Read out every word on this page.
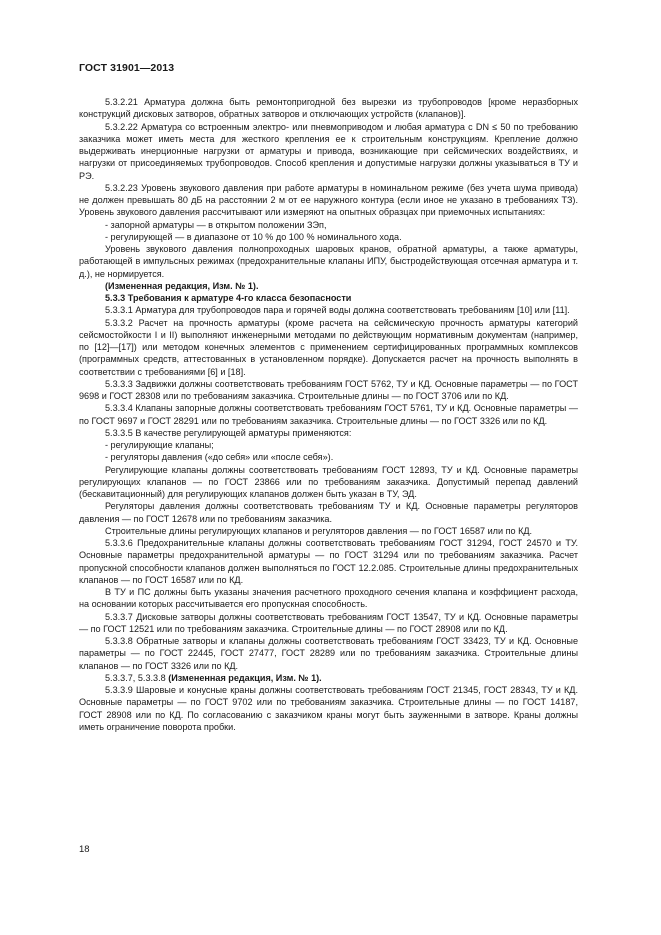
ГОСТ 31901—2013

5.3.2.21 Арматура должна быть ремонтопригодной без вырезки из трубопроводов [кроме неразборных конструкций дисковых затворов, обратных затворов и отключающих устройств (клапанов)].

5.3.2.22 Арматура со встроенным электро- или пневмоприводом и любая арматура с DN ≤ 50 по требованию заказчика может иметь места для жесткого крепления ее к строительным конструкциям. Крепление должно выдерживать инерционные нагрузки от арматуры и привода, возникающие при сейсмических воздействиях, и нагрузки от присоединяемых трубопроводов. Способ крепления и допустимые нагрузки должны указываться в ТУ и РЭ.

5.3.2.23 Уровень звукового давления при работе арматуры в номинальном режиме (без учета шума привода) не должен превышать 80 дБ на расстоянии 2 м от ее наружного контура (если иное не указано в требованиях ТЗ). Уровень звукового давления рассчитывают или измеряют на опытных образцах при приемочных испытаниях:

- запорной арматуры — в открытом положении ЗЭп,

- регулирующей — в диапазоне от 10 % до 100 % номинального хода.

Уровень звукового давления полнопроходных шаровых кранов, обратной арматуры, а также арматуры, работающей в импульсных режимах (предохранительные клапаны ИПУ, быстродействующая отсечная арматура и т. д.), не нормируется.

(Измененная редакция, Изм. № 1).

5.3.3 Требования к арматуре 4-го класса безопасности

5.3.3.1 Арматура для трубопроводов пара и горячей воды должна соответствовать требованиям [10] или [11].

5.3.3.2 Расчет на прочность арматуры (кроме расчета на сейсмическую прочность арматуры категорий сейсмостойкости I и II) выполняют инженерными методами по действующим нормативным документам (например, по [12]—[17]) или методом конечных элементов с применением сертифицированных программных комплексов (программных средств, аттестованных в установленном порядке). Допускается расчет на прочность выполнять в соответствии с требованиями [6] и [18].

5.3.3.3 Задвижки должны соответствовать требованиям ГОСТ 5762, ТУ и КД. Основные параметры — по ГОСТ 9698 и ГОСТ 28308 или по требованиям заказчика. Строительные длины — по ГОСТ 3706 или по КД.

5.3.3.4 Клапаны запорные должны соответствовать требованиям ГОСТ 5761, ТУ и КД. Основные параметры — по ГОСТ 9697 и ГОСТ 28291 или по требованиям заказчика. Строительные длины — по ГОСТ 3326 или по КД.

5.3.3.5 В качестве регулирующей арматуры применяются:

- регулирующие клапаны;

- регуляторы давления («до себя» или «после себя»).

Регулирующие клапаны должны соответствовать требованиям ГОСТ 12893, ТУ и КД. Основные параметры регулирующих клапанов — по ГОСТ 23866 или по требованиям заказчика. Допустимый перепад давлений (бескавитационный) для регулирующих клапанов должен быть указан в ТУ, ЭД.

Регуляторы давления должны соответствовать требованиям ТУ и КД. Основные параметры регуляторов давления — по ГОСТ 12678 или по требованиям заказчика.

Строительные длины регулирующих клапанов и регуляторов давления — по ГОСТ 16587 или по КД.

5.3.3.6 Предохранительные клапаны должны соответствовать требованиям ГОСТ 31294, ГОСТ 24570 и ТУ. Основные параметры предохранительной арматуры — по ГОСТ 31294 или по требованиям заказчика. Расчет пропускной способности клапанов должен выполняться по ГОСТ 12.2.085. Строительные длины предохранительных клапанов — по ГОСТ 16587 или по КД.

В ТУ и ПС должны быть указаны значения расчетного проходного сечения клапана и коэффициент расхода, на основании которых рассчитывается его пропускная способность.

5.3.3.7 Дисковые затворы должны соответствовать требованиям ГОСТ 13547, ТУ и КД. Основные параметры — по ГОСТ 12521 или по требованиям заказчика. Строительные длины — по ГОСТ 28908 или по КД.

5.3.3.8 Обратные затворы и клапаны должны соответствовать требованиям ГОСТ 33423, ТУ и КД. Основные параметры — по ГОСТ 22445, ГОСТ 27477, ГОСТ 28289 или по требованиям заказчика. Строительные длины клапанов — по ГОСТ 3326 или по КД.

5.3.3.7, 5.3.3.8 (Измененная редакция, Изм. № 1).

5.3.3.9 Шаровые и конусные краны должны соответствовать требованиям ГОСТ 21345, ГОСТ 28343, ТУ и КД. Основные параметры — по ГОСТ 9702 или по требованиям заказчика. Строительные длины — по ГОСТ 14187, ГОСТ 28908 или по КД. По согласованию с заказчиком краны могут быть зауженными в затворе. Краны должны иметь ограничение поворота пробки.

18
